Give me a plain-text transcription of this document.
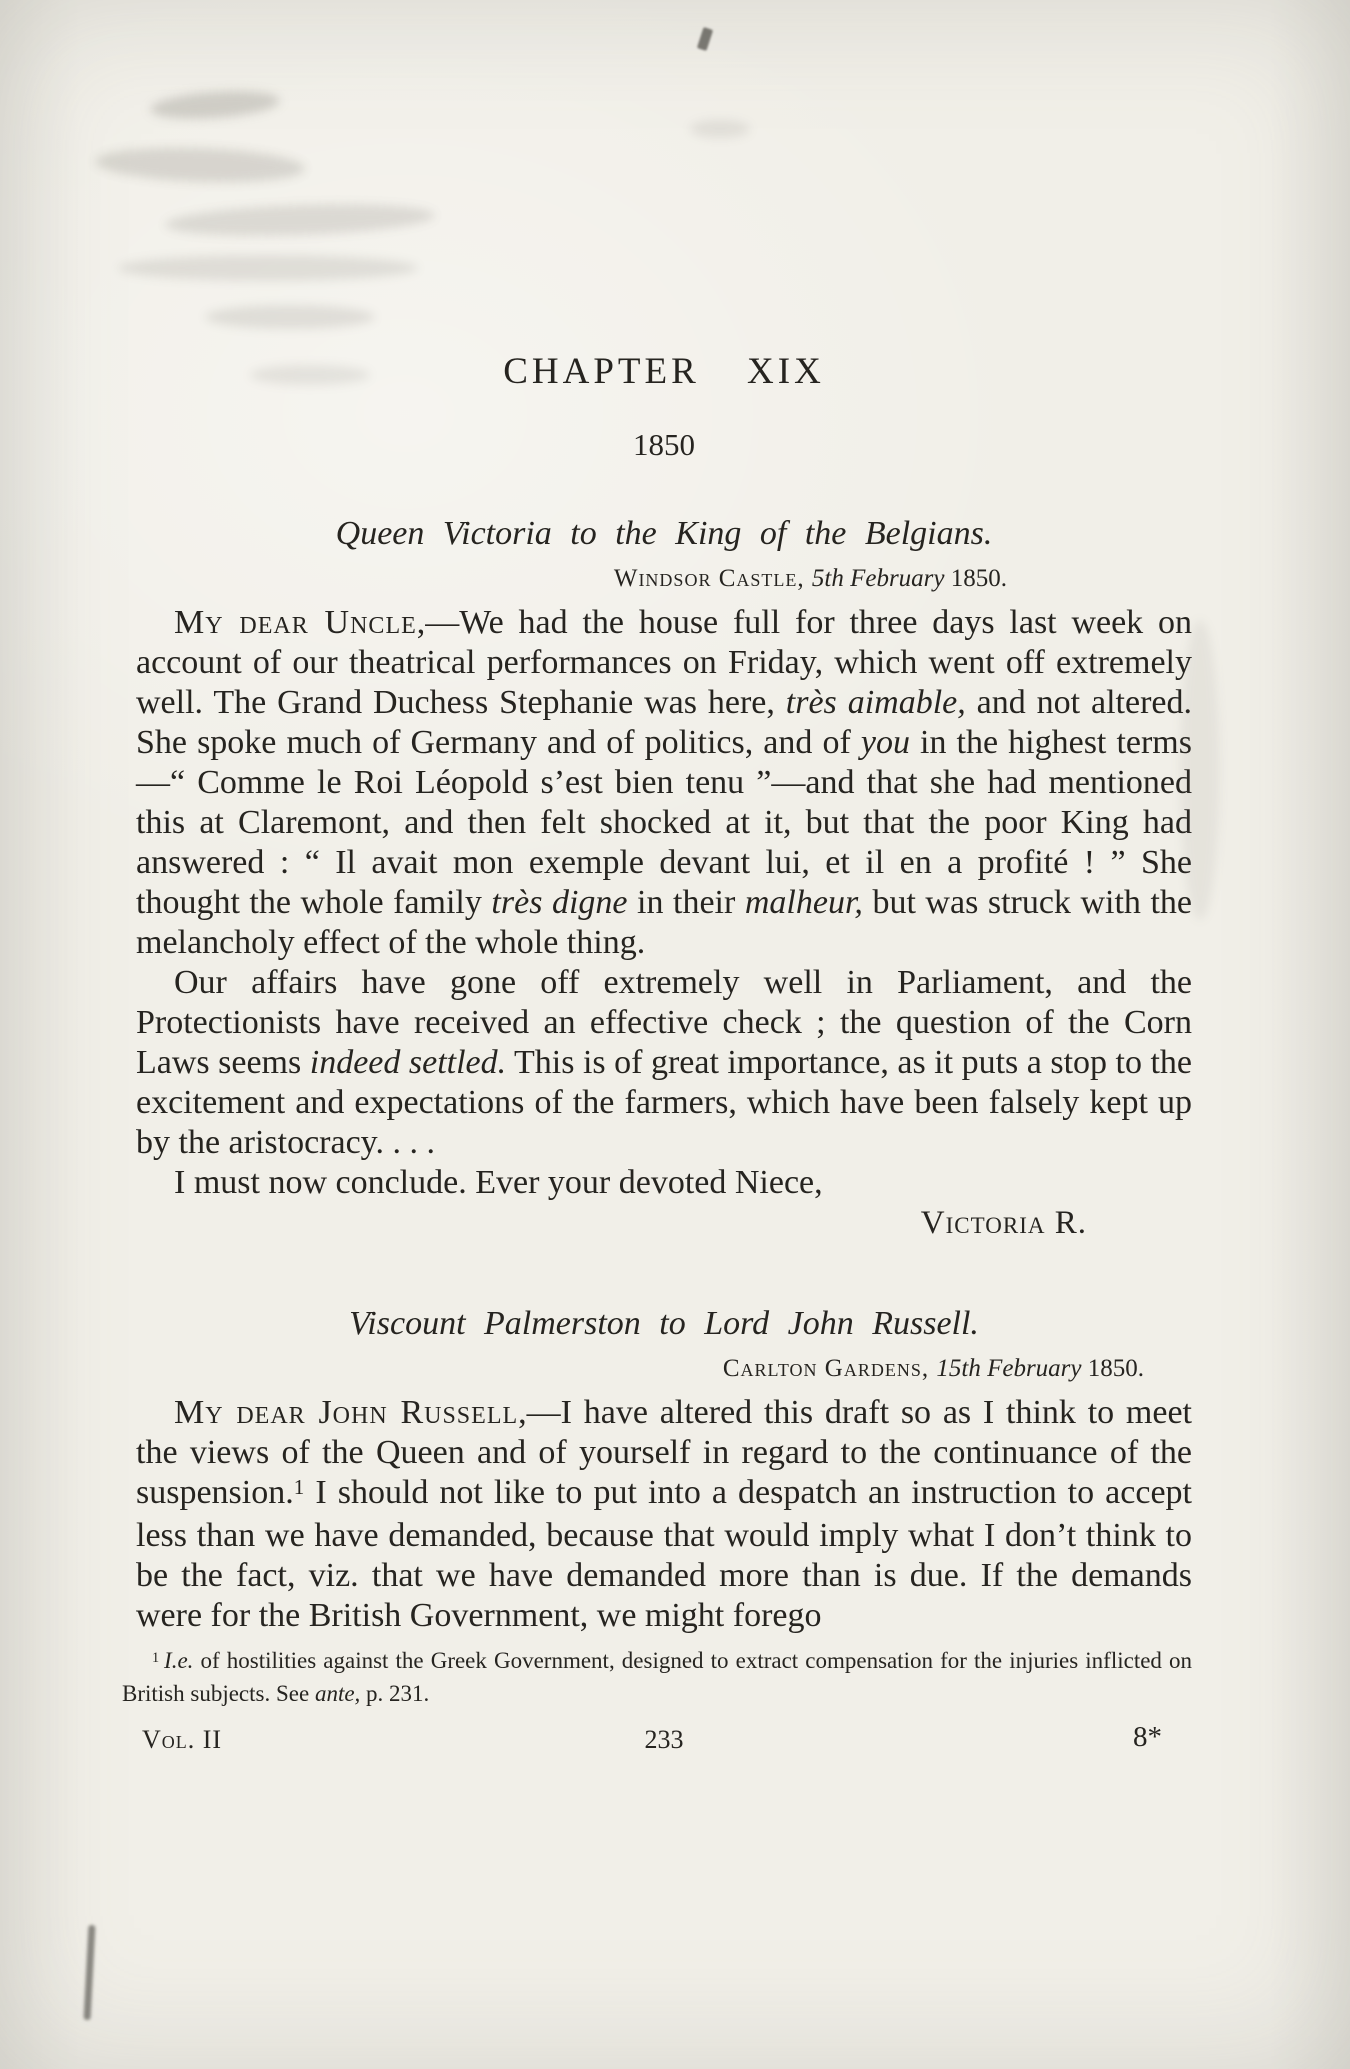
CHAPTER XIX
1850
Queen Victoria to the King of the Belgians.
Windsor Castle, 5th February 1850.

My dear Uncle,—We had the house full for three days last week on account of our theatrical performances on Friday, which went off extremely well. The Grand Duchess Stephanie was here, très aimable, and not altered. She spoke much of Germany and of politics, and of you in the highest terms—“ Comme le Roi Léopold s’est bien tenu ”—and that she had mentioned this at Claremont, and then felt shocked at it, but that the poor King had answered : “ Il avait mon exemple devant lui, et il en a profité ! ” She thought the whole family très digne in their malheur, but was struck with the melancholy effect of the whole thing.

Our affairs have gone off extremely well in Parliament, and the Protectionists have received an effective check ; the question of the Corn Laws seems indeed settled. This is of great importance, as it puts a stop to the excitement and expectations of the farmers, which have been falsely kept up by the aristocracy. . . .

I must now conclude. Ever your devoted Niece,

Victoria R.
Viscount Palmerston to Lord John Russell.
Carlton Gardens, 15th February 1850.

My dear John Russell,—I have altered this draft so as I think to meet the views of the Queen and of yourself in regard to the continuance of the suspension.$^1$ I should not like to put into a despatch an instruction to accept less than we have demanded, because that would imply what I don’t think to be the fact, viz. that we have demanded more than is due. If the demands were for the British Government, we might forego

$^1$ I.e. of hostilities against the Greek Government, designed to extract compensation for the injuries inflicted on British subjects. See ante, p. 231.
Vol. II	233	8*
